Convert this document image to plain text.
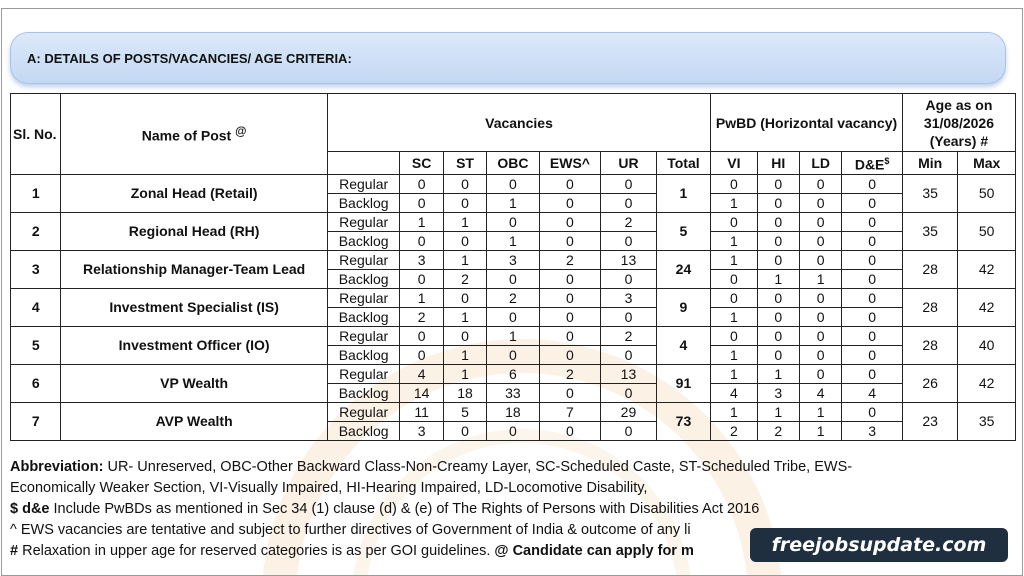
A: DETAILS OF POSTS/VACANCIES/ AGE CRITERIA:
Sl. No.	Name of Post @	Vacancies							PwBD (Horizontal vacancy)				Age as on 31/08/2026 (Years) #	
			SC	ST	OBC	EWS^	UR	Total	VI	HI	LD	D&E$	Min	Max
1	Zonal Head (Retail)	Regular	0	0	0	0	0	1	0	0	0	0	35	50
		Backlog	0	0	1	0	0		1	0	0	0		
2	Regional Head (RH)	Regular	1	1	0	0	2	5	0	0	0	0	35	50
		Backlog	0	0	1	0	0		1	0	0	0		
3	Relationship Manager-Team Lead	Regular	3	1	3	2	13	24	1	0	0	0	28	42
		Backlog	0	2	0	0	0		0	1	1	0		
4	Investment Specialist (IS)	Regular	1	0	2	0	3	9	0	0	0	0	28	42
		Backlog	2	1	0	0	0		1	0	0	0		
5	Investment Officer (IO)	Regular	0	0	1	0	2	4	0	0	0	0	28	40
		Backlog	0	1	0	0	0		1	0	0	0		
6	VP Wealth	Regular	4	1	6	2	13	91	1	1	0	0	26	42
		Backlog	14	18	33	0	0		4	3	4	4		
7	AVP Wealth	Regular	11	5	18	7	29	73	1	1	1	0	23	35
		Backlog	3	0	0	0	0		2	2	1	3		

Abbreviation: UR- Unreserved, OBC-Other Backward Class-Non-Creamy Layer, SC-Scheduled Caste, ST-Scheduled Tribe, EWS-

Economically Weaker Section, VI-Visually Impaired, HI-Hearing Impaired, LD-Locomotive Disability,

$ d&e Include PwBDs as mentioned in Sec 34 (1) clause (d) & (e) of The Rights of Persons with Disabilities Act 2016

^ EWS vacancies are tentative and subject to further directives of Government of India & outcome of any li

# Relaxation in upper age for reserved categories is as per GOI guidelines. @ Candidate can apply for m	freejobsupdate.com
